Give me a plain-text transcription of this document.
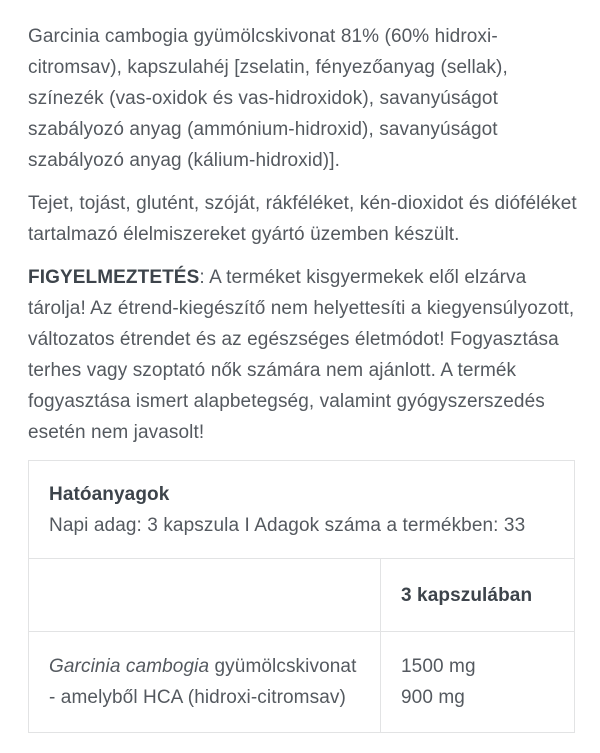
Garcinia cambogia gyümölcskivonat 81% (60% hidroxi-citromsav), kapszulahéj [zselatin, fényezőanyag (sellak), színezék (vas-oxidok és vas-hidroxidok), savanyúságot szabályozó anyag (ammónium-hidroxid), savanyúságot szabályozó anyag (kálium-hidroxid)].

Tejet, tojást, glutént, szóját, rákféléket, kén-dioxidot és dióféléket tartalmazó élelmiszereket gyártó üzemben készült.

FIGYELMEZTETÉS: A terméket kisgyermekek elől elzárva tárolja! Az étrend-kiegészítő nem helyettesíti a kiegyensúlyozott, változatos étrendet és az egészséges életmódot! Fogyasztása terhes vagy szoptató nők számára nem ajánlott. A termék fogyasztása ismert alapbetegség, valamint gyógyszerszedés esetén nem javasolt!

Hatóanyagok
Napi adag: 3 kapszula I Adagok száma a termékben: 33	

	3 kapszulában
Garcinia cambogia gyümölcskivonat
- amelyből HCA (hidroxi-citromsav)	1500 mg
900 mg
